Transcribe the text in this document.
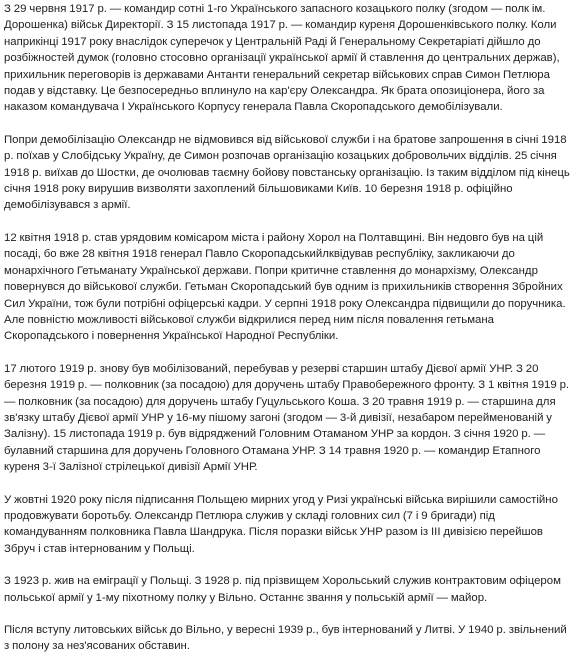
З 29 червня 1917 р. — командир сотні 1-го Українського запасного козацького полку (згодом — полк ім. Дорошенка) військ Директорії. З 15 листопада 1917 р. — командир куреня Дорошенківського полку. Коли наприкінці 1917 року внаслідок суперечок у Центральній Раді й Генеральному Секретаріаті дійшло до розбіжностей думок (головно стосовно організації української армії й ставлення до центральних держав), прихильник переговорів із державами Антанти генеральний секретар військових справ Симон Петлюра подав у відставку. Це безпосередньо вплинуло на кар'єру Олександра. Як брата опозиціонера, його за наказом командувача І Українського Корпусу генерала Павла Скоропадського демобілізували.

Попри демобілізацію Олександр не відмовився від військової служби і на братове запрошення в січні 1918 р. поїхав у Слобідську Україну, де Симон розпочав організацію козацьких добровольчих відділів. 25 січня 1918 р. виїхав до Шостки, де очолював таємну бойову повстанську організацію. Із таким відділом під кінець січня 1918 року вирушив визволяти захоплений більшовиками Київ. 10 березня 1918 р. офіційно демобілізувався з армії.

12 квітня 1918 р. став урядовим комісаром міста і району Хорол на Полтавщині. Він недовго був на цій посаді, бо вже 28 квітня 1918 генерал Павло Скоропадськийлквідував республіку, закликаючи до монархічного Гетьманату Української держави. Попри критичне ставлення до монархізму, Олександр повернувся до військової служби. Гетьман Скоропадський був одним із прихильників створення Збройних Сил України, тож були потрібні офіцерські кадри. У серпні 1918 року Олександра підвищили до поручника. Але повністю можливості військової служби відкрилися перед ним після повалення гетьмана Скоропадського і повернення Української Народної Республіки.

17 лютого 1919 р. знову був мобілізований, перебував у резерві старшин штабу Дієвої армії УНР. З 20 березня 1919 р. — полковник (за посадою) для доручень штабу Правобережного фронту. З 1 квітня 1919 р. — полковник (за посадою) для доручень штабу Гуцульського Коша. З 20 травня 1919 р. — старшина для зв'язку штабу Дієвої армії УНР у 16-му пішому загоні (згодом — 3-й дивізії, незабаром перейменованій у Залізну). 15 листопада 1919 р. був відряджений Головним Отаманом УНР за кордон. З січня 1920 р. — булавний старшина для доручень Головного Отамана УНР. З 14 травня 1920 р. — командир Етапного куреня 3-ї Залізної стрілецької дивізії Армії УНР.

У жовтні 1920 року після підписання Польщею мирних угод у Ризі українські війська вирішили самостійно продовжувати боротьбу. Олександр Петлюра служив у складі головних сил (7 і 9 бригади) під командуванням полковника Павла Шандрука. Після поразки військ УНР разом із ІІІ дивізією перейшов Збруч і став інтернованим у Польщі.

З 1923 р. жив на еміграції у Польщі. З 1928 р. під прізвищем Хорольський служив контрактовим офіцером польської армії у 1-му піхотному полку у Вільно. Останнє звання у польській армії — майор.

Після вступу литовських військ до Вільно, у вересні 1939 р., був інтернований у Литві. У 1940 р. звільнений з полону за нез'ясованих обставин.
